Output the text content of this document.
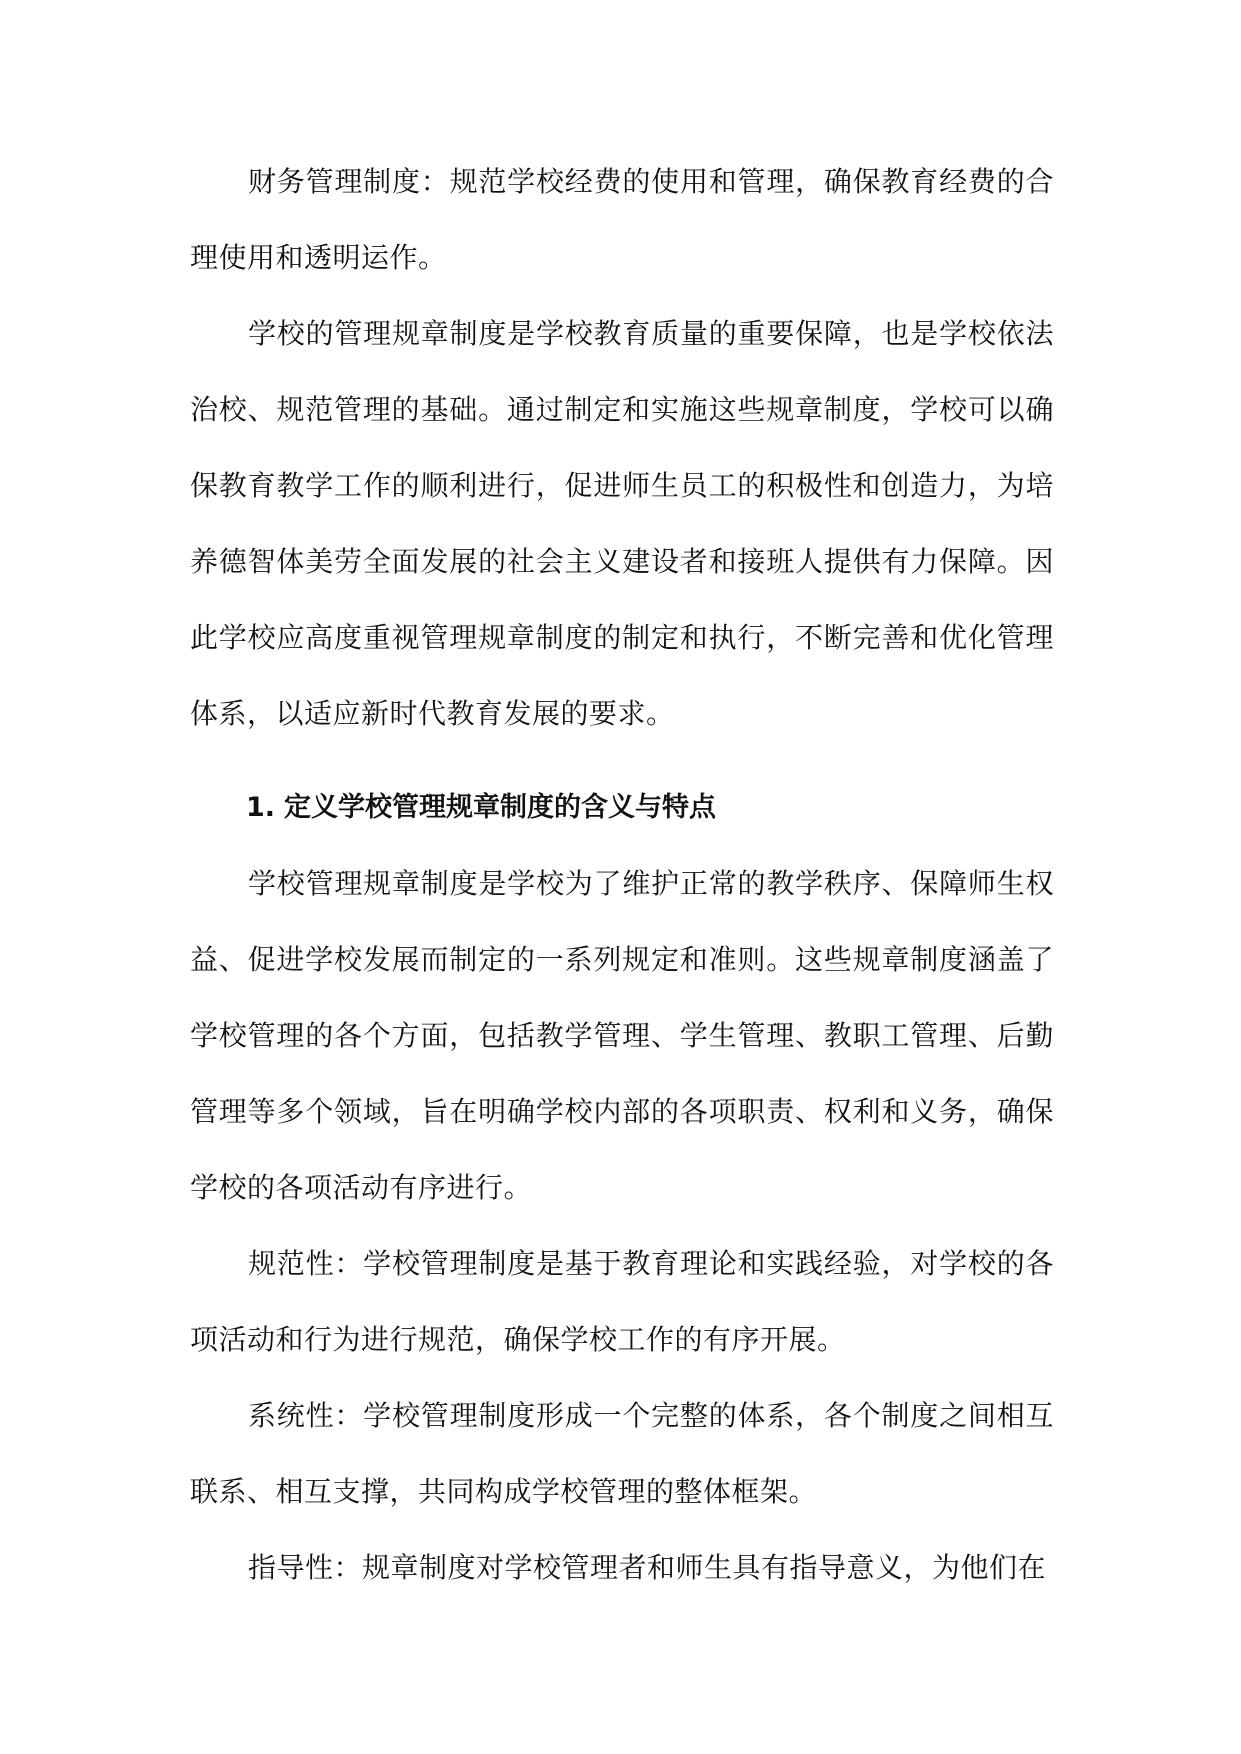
财务管理制度：规范学校经费的使用和管理，确保教育经费的合理使用和透明运作。

学校的管理规章制度是学校教育质量的重要保障，也是学校依法治校、规范管理的基础。通过制定和实施这些规章制度，学校可以确保教育教学工作的顺利进行，促进师生员工的积极性和创造力，为培养德智体美劳全面发展的社会主义建设者和接班人提供有力保障。因此学校应高度重视管理规章制度的制定和执行，不断完善和优化管理体系，以适应新时代教育发展的要求。

1. 定义学校管理规章制度的含义与特点

学校管理规章制度是学校为了维护正常的教学秩序、保障师生权益、促进学校发展而制定的一系列规定和准则。这些规章制度涵盖了学校管理的各个方面，包括教学管理、学生管理、教职工管理、后勤管理等多个领域，旨在明确学校内部的各项职责、权利和义务，确保学校的各项活动有序进行。

规范性：学校管理制度是基于教育理论和实践经验，对学校的各项活动和行为进行规范，确保学校工作的有序开展。

系统性：学校管理制度形成一个完整的体系，各个制度之间相互联系、相互支撑，共同构成学校管理的整体框架。

指导性：规章制度对学校管理者和师生具有指导意义，为他们在
